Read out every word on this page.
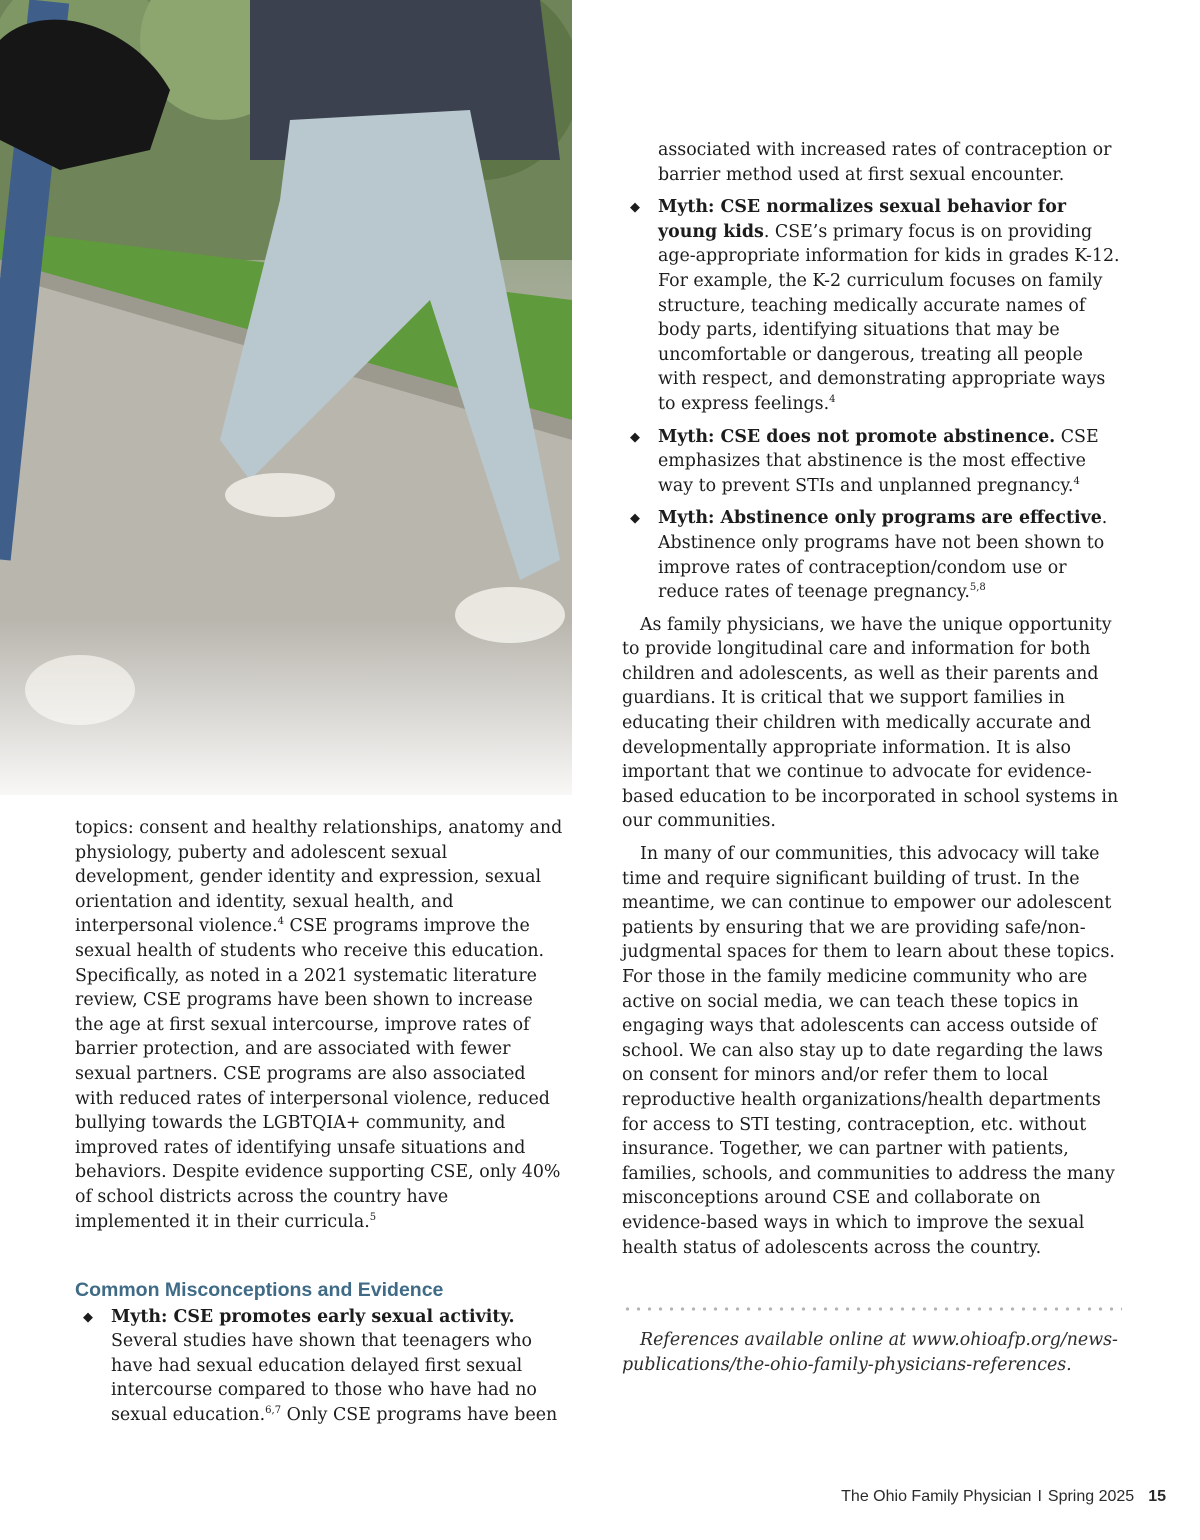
topics: consent and healthy relationships, anatomy and physiology, puberty and adolescent sexual development, gender identity and expression, sexual orientation and identity, sexual health, and interpersonal violence.$^4$ CSE programs improve the sexual health of students who receive this education. Specifically, as noted in a 2021 systematic literature review, CSE programs have been shown to increase the age at first sexual intercourse, improve rates of barrier protection, and are associated with fewer sexual partners. CSE programs are also associated with reduced rates of interpersonal violence, reduced bullying towards the LGBTQIA+ community, and improved rates of identifying unsafe situations and behaviors. Despite evidence supporting CSE, only 40% of school districts across the country have implemented it in their curricula.$^5$

Common Misconceptions and Evidence
◆ Myth: CSE promotes early sexual activity. Several studies have shown that teenagers who have had sexual education delayed first sexual intercourse compared to those who have had no sexual education.$^{6,7}$ Only CSE programs have been
associated with increased rates of contraception or barrier method used at first sexual encounter.
◆ Myth: CSE normalizes sexual behavior for young kids. CSE’s primary focus is on providing age-appropriate information for kids in grades K-12. For example, the K-2 curriculum focuses on family structure, teaching medically accurate names of body parts, identifying situations that may be uncomfortable or dangerous, treating all people with respect, and demonstrating appropriate ways to express feelings.$^4$
◆ Myth: CSE does not promote abstinence. CSE emphasizes that abstinence is the most effective way to prevent STIs and unplanned pregnancy.$^4$
◆ Myth: Abstinence only programs are effective. Abstinence only programs have not been shown to improve rates of contraception/condom use or reduce rates of teenage pregnancy.$^{5,8}$

As family physicians, we have the unique opportunity to provide longitudinal care and information for both children and adolescents, as well as their parents and guardians. It is critical that we support families in educating their children with medically accurate and developmentally appropriate information. It is also important that we continue to advocate for evidence-based education to be incorporated in school systems in our communities.

In many of our communities, this advocacy will take time and require significant building of trust. In the meantime, we can continue to empower our adolescent patients by ensuring that we are providing safe/non-judgmental spaces for them to learn about these topics. For those in the family medicine community who are active on social media, we can teach these topics in engaging ways that adolescents can access outside of school. We can also stay up to date regarding the laws on consent for minors and/or refer them to local reproductive health organizations/health departments for access to STI testing, contraception, etc. without insurance. Together, we can partner with patients, families, schools, and communities to address the many misconceptions around CSE and collaborate on evidence-based ways in which to improve the sexual health status of adolescents across the country.

References available online at www.ohioafp.org/news-publications/the-ohio-family-physicians-references.

The Ohio Family Physician I Spring 2025 15
